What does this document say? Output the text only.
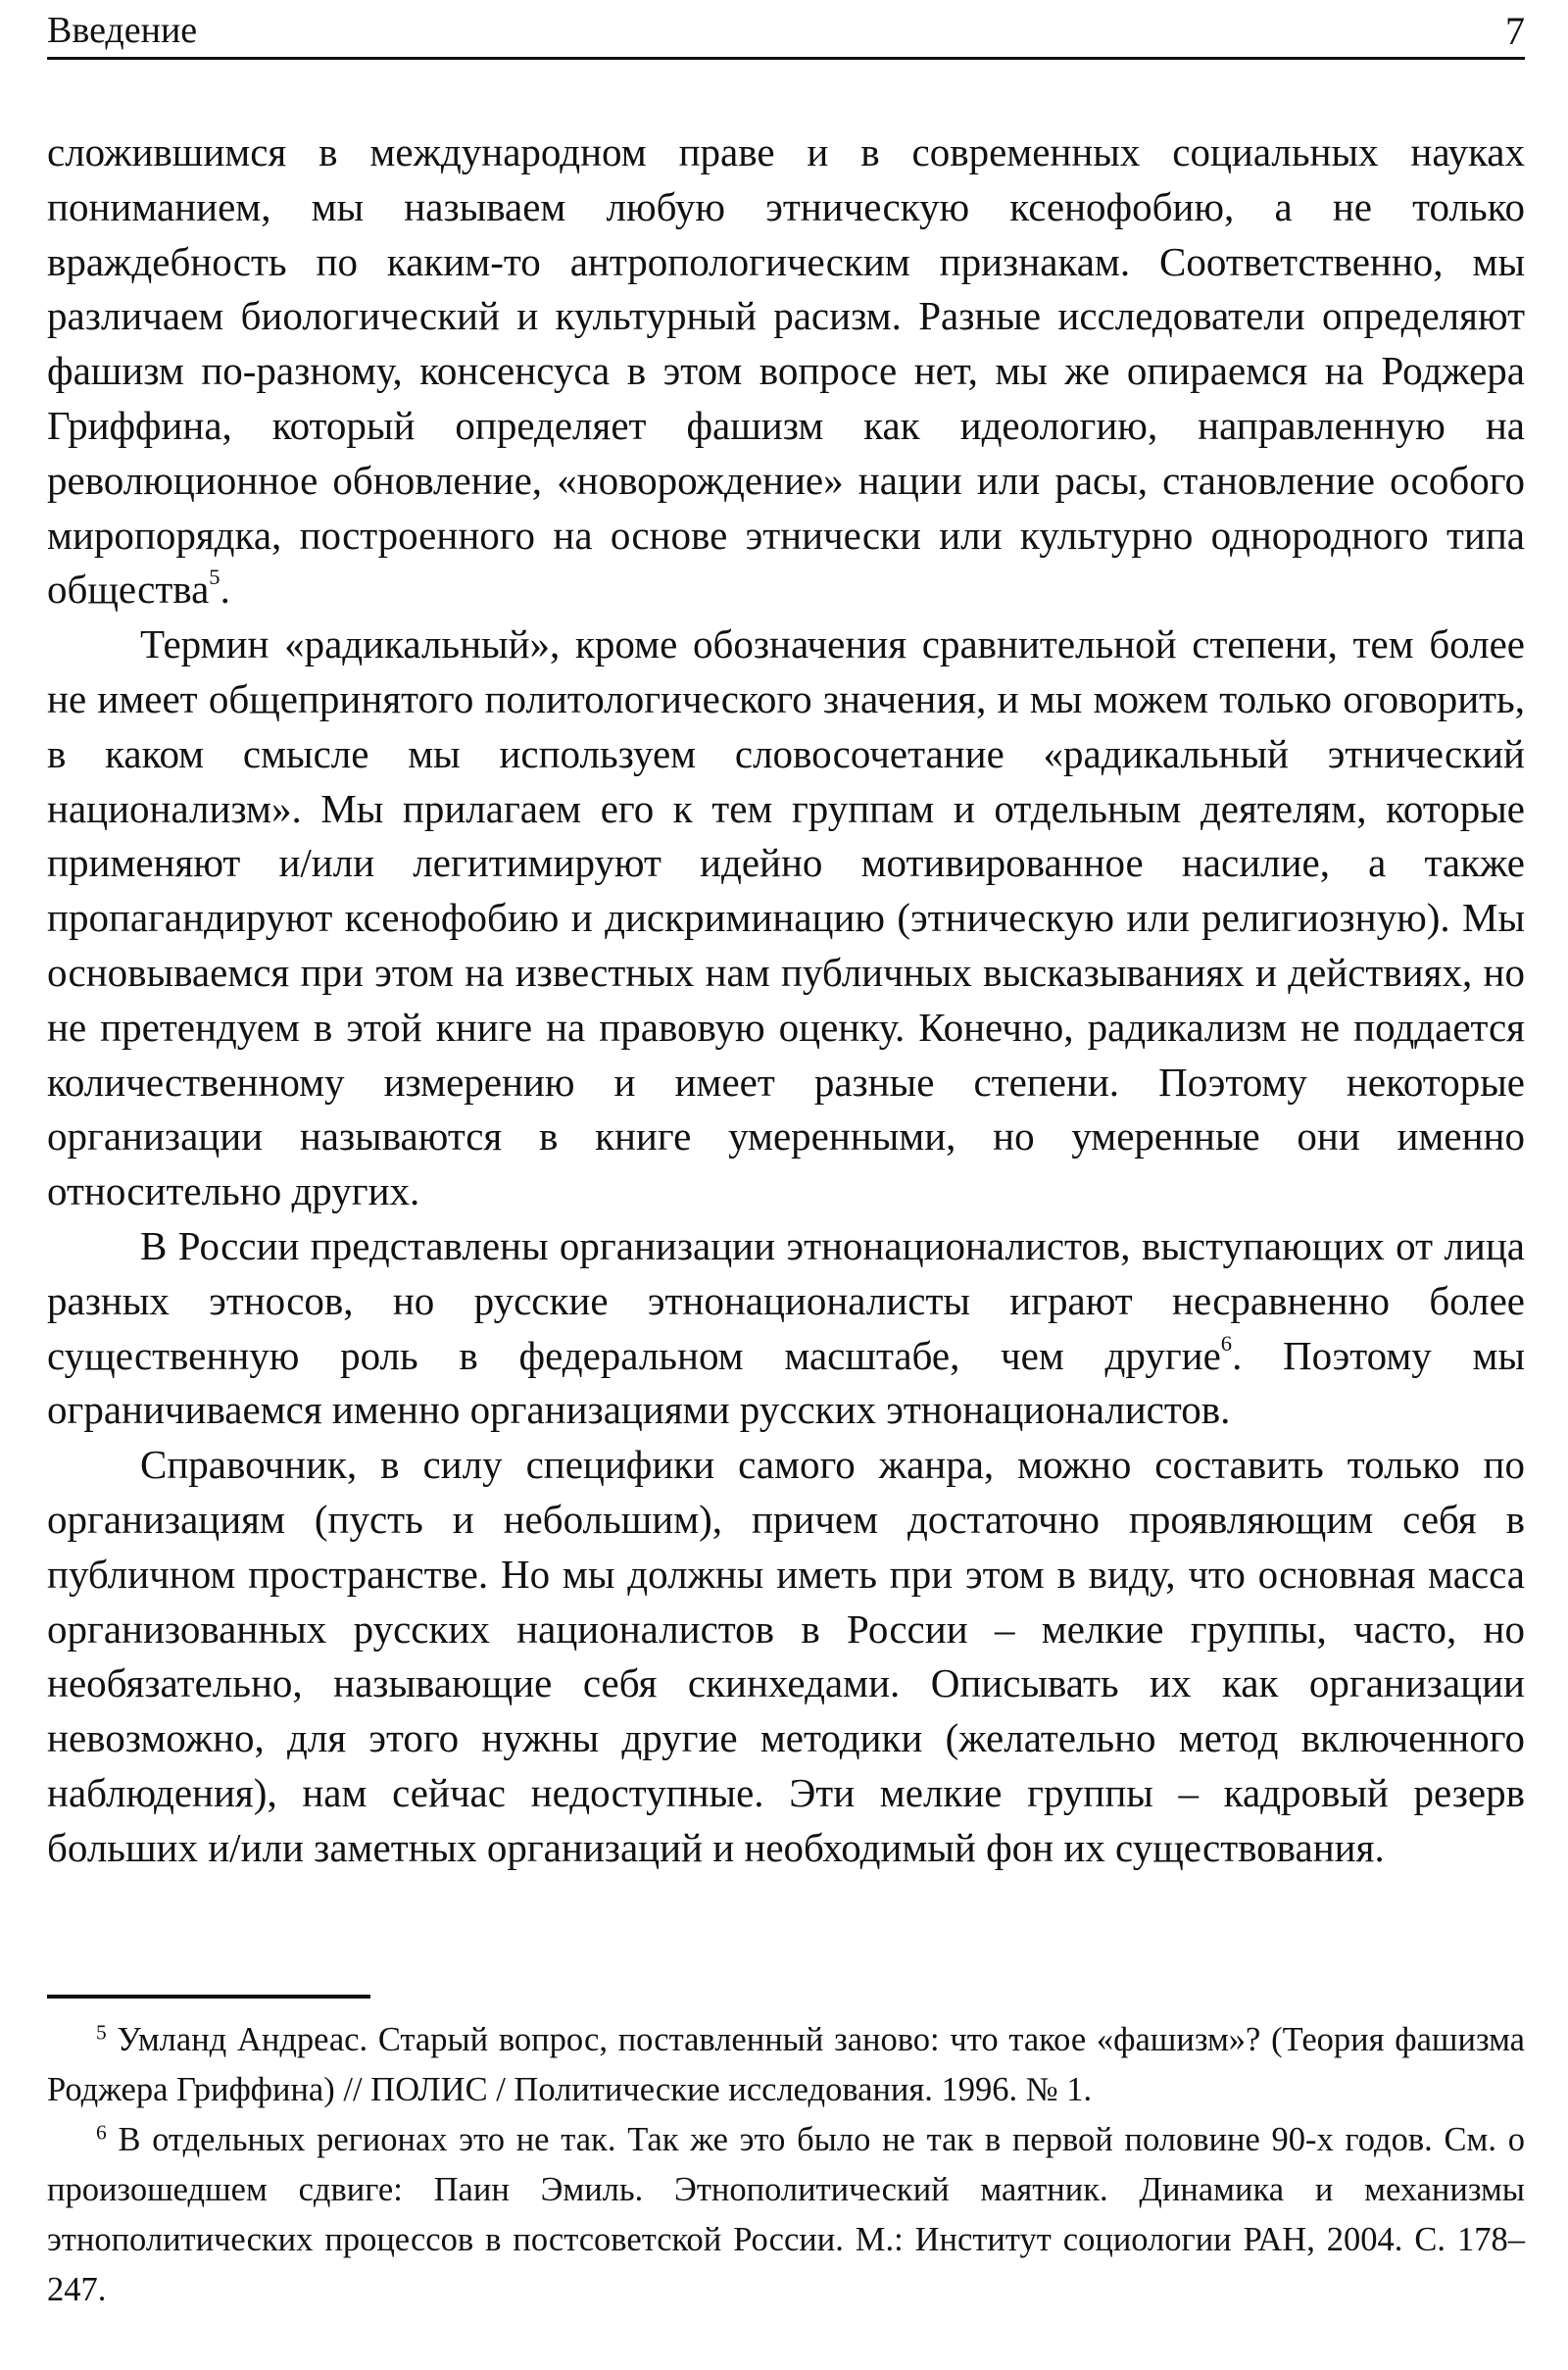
Введение	7

сложившимся в международном праве и в современных социальных науках пониманием, мы называем любую этническую ксенофобию, а не только враждебность по каким-то антропологическим признакам. Соответственно, мы различаем биологический и культурный расизм. Разные исследователи определяют фашизм по-разному, консенсуса в этом вопросе нет, мы же опираемся на Роджера Гриффина, который определяет фашизм как идеологию, направленную на революционное обновление, «новорождение» нации или расы, становление особого миропорядка, построенного на основе этнически или культурно однородного типа общества$^5$.

Термин «радикальный», кроме обозначения сравнительной степени, тем более не имеет общепринятого политологического значения, и мы можем только оговорить, в каком смысле мы используем словосочетание «радикальный этнический национализм». Мы прилагаем его к тем группам и отдельным деятелям, которые применяют и/или легитимируют идейно мотивированное насилие, а также пропагандируют ксенофобию и дискриминацию (этническую или религиозную). Мы основываемся при этом на известных нам публичных высказываниях и действиях, но не претендуем в этой книге на правовую оценку. Конечно, радикализм не поддается количественному измерению и имеет разные степени. Поэтому некоторые организации называются в книге умеренными, но умеренные они именно относительно других.

В России представлены организации этнонационалистов, выступающих от лица разных этносов, но русские этнонационалисты играют несравненно более существенную роль в федеральном масштабе, чем другие$^6$. Поэтому мы ограничиваемся именно организациями русских этнонационалистов.

Справочник, в силу специфики самого жанра, можно составить только по организациям (пусть и небольшим), причем достаточно проявляющим себя в публичном пространстве. Но мы должны иметь при этом в виду, что основная масса организованных русских националистов в России – мелкие группы, часто, но необязательно, называющие себя скинхедами. Описывать их как организации невозможно, для этого нужны другие методики (желательно метод включенного наблюдения), нам сейчас недоступные. Эти мелкие группы – кадровый резерв больших и/или заметных организаций и необходимый фон их существования.

$^5$ Умланд Андреас. Старый вопрос, поставленный заново: что такое «фашизм»? (Теория фашизма Роджера Гриффина) // ПОЛИС / Политические исследования. 1996. № 1.

$^6$ В отдельных регионах это не так. Так же это было не так в первой половине 90-х годов. См. о произошедшем сдвиге: Паин Эмиль. Этнополитический маятник. Динамика и механизмы этнополитических процессов в постсоветской России. М.: Институт социологии РАН, 2004. С. 178–247.
